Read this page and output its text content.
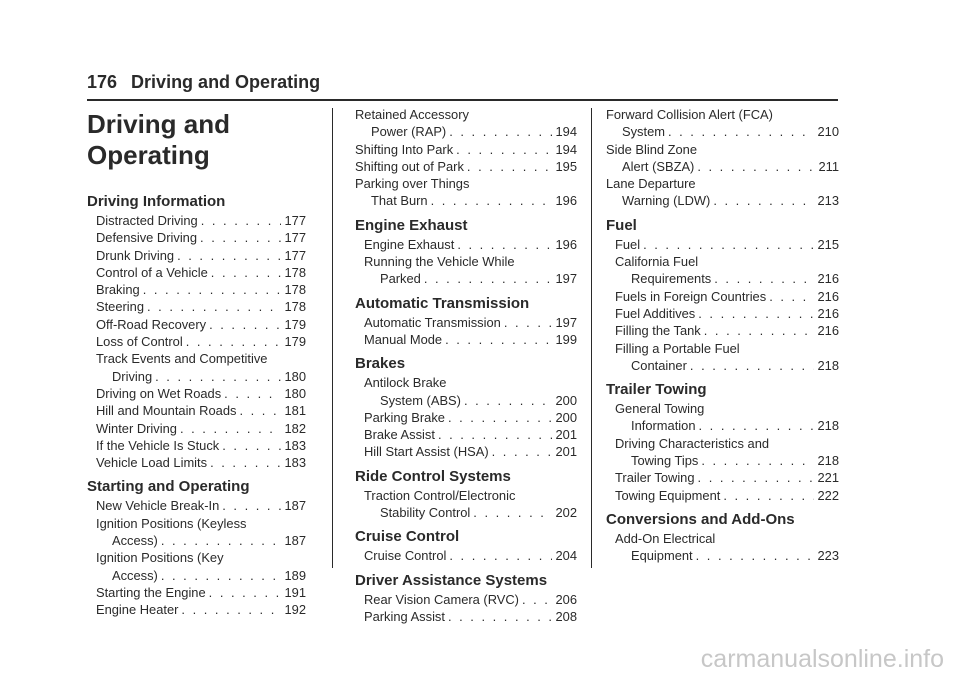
176 Driving and Operating
Driving and
Operating
Driving Information
Distracted Driving . . .	177
Defensive Driving . . .	177
Drunk Driving . . .	177
Control of a Vehicle . . .	178
Braking . . .	178
Steering . . .	178
Off-Road Recovery . . .	179
Loss of Control . . .	179
Track Events and Competitive
Driving . . .	180
Driving on Wet Roads . . .	180
Hill and Mountain Roads . . .	181
Winter Driving . . .	182
If the Vehicle Is Stuck . . .	183
Vehicle Load Limits . . .	183
Starting and Operating
New Vehicle Break-In . . .	187
Ignition Positions (Keyless
Access) . . .	187
Ignition Positions (Key
Access) . . .	189
Starting the Engine . . .	191
Engine Heater . . .	192
Retained Accessory
Power (RAP) . . .	194
Shifting Into Park . . .	194
Shifting out of Park . . .	195
Parking over Things
That Burn . . .	196
Engine Exhaust
Engine Exhaust . . .	196
Running the Vehicle While
Parked . . .	197
Automatic Transmission
Automatic Transmission . . .	197
Manual Mode . . .	199
Brakes
Antilock Brake
System (ABS) . . .	200
Parking Brake . . .	200
Brake Assist . . .	201
Hill Start Assist (HSA) . . .	201
Ride Control Systems
Traction Control/Electronic
Stability Control . . .	202
Cruise Control
Cruise Control . . .	204
Driver Assistance Systems
Rear Vision Camera (RVC) . . .	206
Parking Assist . . .	208
Forward Collision Alert (FCA)
System . . .	210
Side Blind Zone
Alert (SBZA) . . .	211
Lane Departure
Warning (LDW) . . .	213
Fuel
Fuel . . .	215
California Fuel
Requirements . . .	216
Fuels in Foreign Countries . . .	216
Fuel Additives . . .	216
Filling the Tank . . .	216
Filling a Portable Fuel
Container . . .	218
Trailer Towing
General Towing
Information . . .	218
Driving Characteristics and
Towing Tips . . .	218
Trailer Towing . . .	221
Towing Equipment . . .	222
Conversions and Add-Ons
Add-On Electrical
Equipment . . .	223
carmanualsonline.info
